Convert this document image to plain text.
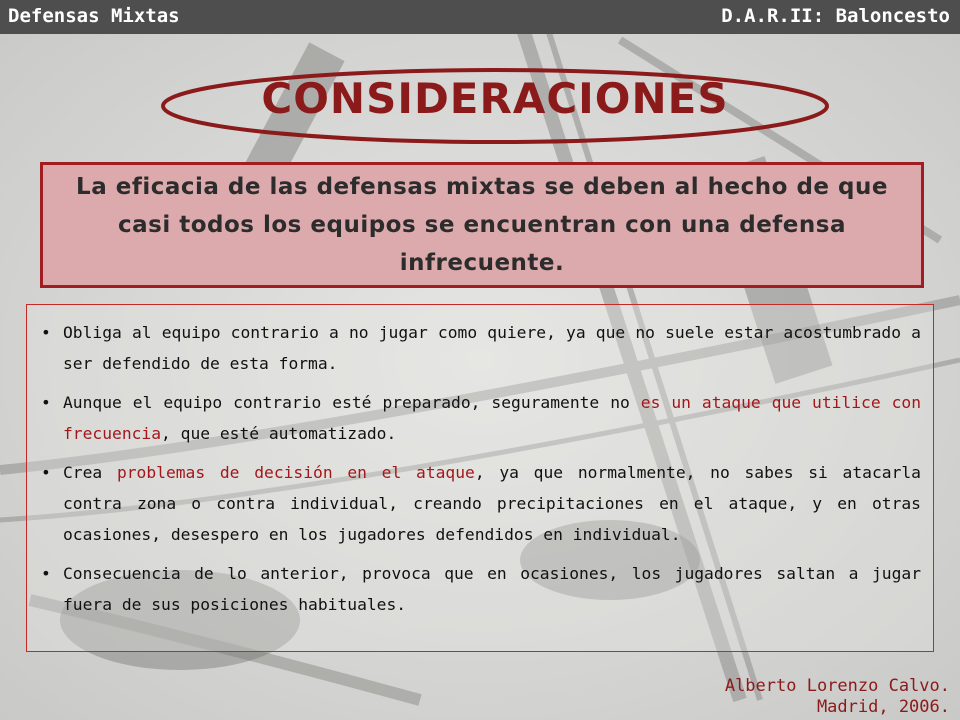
Defensas Mixtas	D.A.R.II: Baloncesto
CONSIDERACIONES
La eficacia de las defensas mixtas se deben al hecho de que casi todos los equipos se encuentran con una defensa infrecuente.
• Obliga al equipo contrario a no jugar como quiere, ya que no suele estar acostumbrado a ser defendido de esta forma.
• Aunque el equipo contrario esté preparado, seguramente no es un ataque que utilice con frecuencia, que esté automatizado.
• Crea problemas de decisión en el ataque, ya que normalmente, no sabes si atacarla contra zona o contra individual, creando precipitaciones en el ataque, y en otras ocasiones, desespero en los jugadores defendidos en individual.
• Consecuencia de lo anterior, provoca que en ocasiones, los jugadores saltan a jugar fuera de sus posiciones habituales.
Alberto Lorenzo Calvo.
Madrid, 2006.
